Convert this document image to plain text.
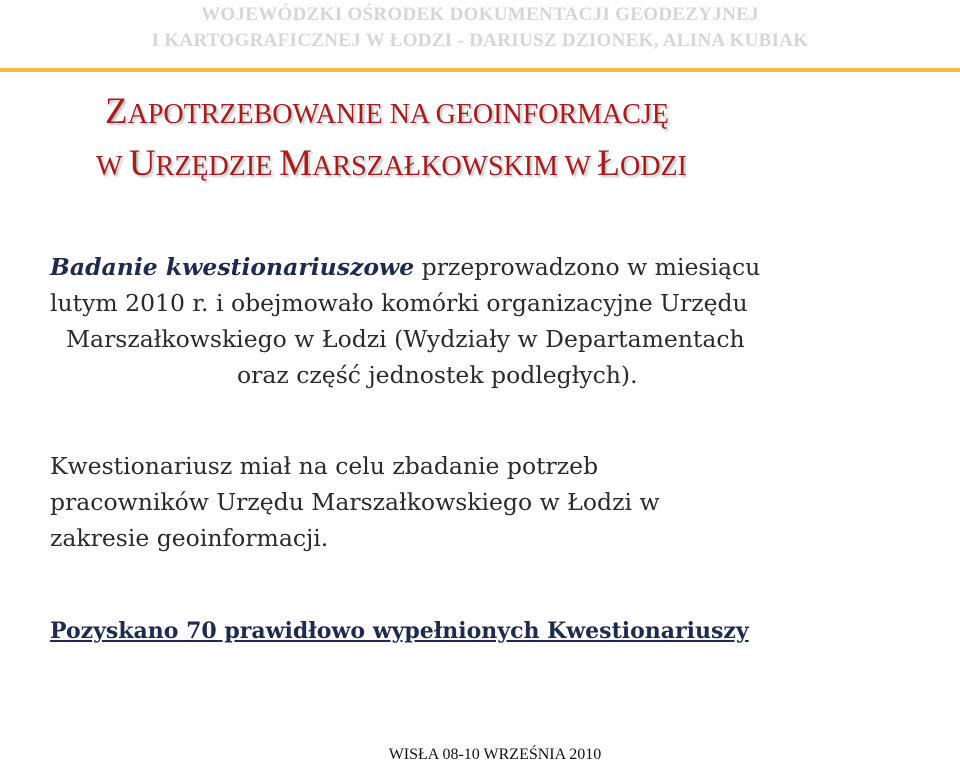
WOJEWÓDZKI OŚRODEK DOKUMENTACJI GEODEZYJNEJ
I KARTOGRAFICZNEJ W ŁODZI - DARIUSZ DZIONEK, ALINA KUBIAK
ZAPOTRZEBOWANIE NA GEOINFORMACJĘ
W URZĘDZIE MARSZAŁKOWSKIM W ŁODZI
Badanie kwestionariuszowe przeprowadzono w miesiącu
lutym 2010 r. i obejmowało komórki organizacyjne Urzędu
Marszałkowskiego w Łodzi (Wydziały w Departamentach
oraz część jednostek podległych).
Kwestionariusz miał na celu zbadanie potrzeb
pracowników Urzędu Marszałkowskiego w Łodzi w
zakresie geoinformacji.
Pozyskano 70 prawidłowo wypełnionych Kwestionariuszy
WISŁA 08-10 WRZEŚNIA 2010
